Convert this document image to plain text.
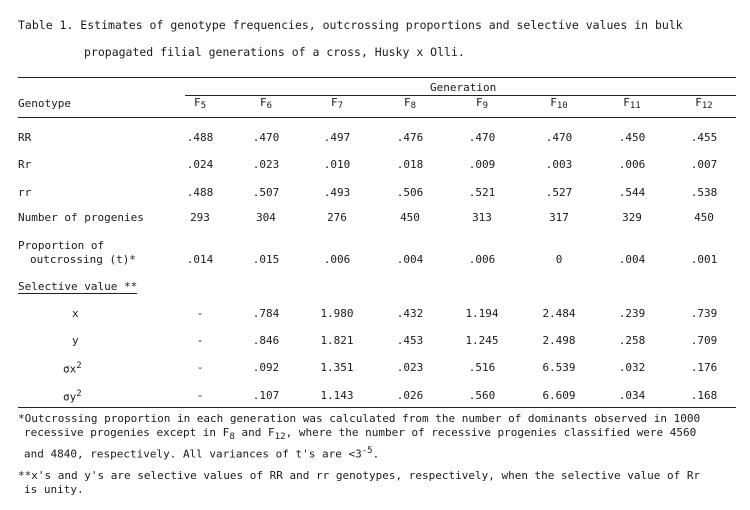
Table 1. Estimates of genotype frequencies, outcrossing proportions and selective values in bulk
propagated filial generations of a cross, Husky x Olli.
Generation
Genotype	$F_5$	$F_6$	$F_7$	$F_8$	$F_9$	$F_{10}$	$F_{11}$	$F_{12}$
RR	.488	.470	.497	.476	.470	.470	.450	.455
Rr	.024	.023	.010	.018	.009	.003	.006	.007
rr	.488	.507	.493	.506	.521	.527	.544	.538
Number of progenies	293	304	276	450	313	317	329	450
Proportion of
outcrossing (t)*	.014	.015	.006	.004	.006	0	.004	.001
Selective value **
x	-	.784	1.980	.432	1.194	2.484	.239	.739
y	-	.846	1.821	.453	1.245	2.498	.258	.709
$\sigma x^2$	-	.092	1.351	.023	.516	6.539	.032	.176
$\sigma y^2$	-	.107	1.143	.026	.560	6.609	.034	.168
*Outcrossing proportion in each generation was calculated from the number of dominants observed in 1000
recessive progenies except in $F_8$ and $F_{12}$, where the number of recessive progenies classified were 4560
and 4840, respectively. All variances of t's are $<3^{-5}$.
**x's and y's are selective values of RR and rr genotypes, respectively, when the selective value of Rr
is unity.
